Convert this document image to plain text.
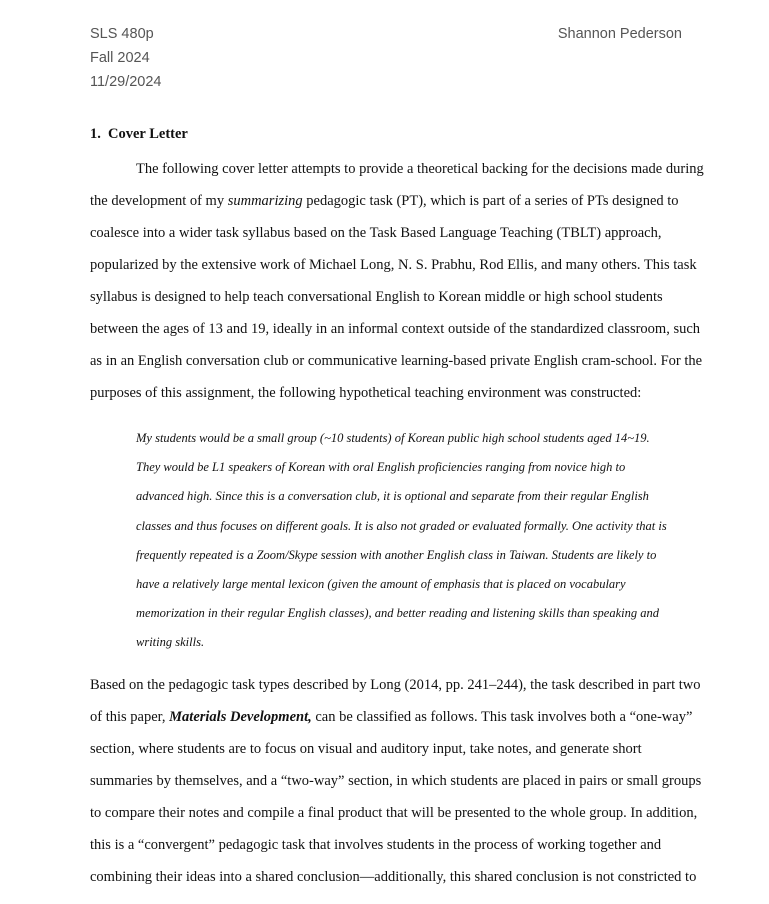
SLS 480p
Fall 2024
11/29/2024
Shannon Pederson
1. Cover Letter
The following cover letter attempts to provide a theoretical backing for the decisions made during
the development of my summarizing pedagogic task (PT), which is part of a series of PTs designed to
coalesce into a wider task syllabus based on the Task Based Language Teaching (TBLT) approach,
popularized by the extensive work of Michael Long, N. S. Prabhu, Rod Ellis, and many others. This task
syllabus is designed to help teach conversational English to Korean middle or high school students
between the ages of 13 and 19, ideally in an informal context outside of the standardized classroom, such
as in an English conversation club or communicative learning-based private English cram-school. For the
purposes of this assignment, the following hypothetical teaching environment was constructed:
My students would be a small group (~10 students) of Korean public high school students aged 14~19.
They would be L1 speakers of Korean with oral English proficiencies ranging from novice high to
advanced high. Since this is a conversation club, it is optional and separate from their regular English
classes and thus focuses on different goals. It is also not graded or evaluated formally. One activity that is
frequently repeated is a Zoom/Skype session with another English class in Taiwan. Students are likely to
have a relatively large mental lexicon (given the amount of emphasis that is placed on vocabulary
memorization in their regular English classes), and better reading and listening skills than speaking and
writing skills.
Based on the pedagogic task types described by Long (2014, pp. 241–244), the task described in part two
of this paper, Materials Development, can be classified as follows. This task involves both a “one-way”
section, where students are to focus on visual and auditory input, take notes, and generate short
summaries by themselves, and a “two-way” section, in which students are placed in pairs or small groups
to compare their notes and compile a final product that will be presented to the whole group. In addition,
this is a “convergent” pedagogic task that involves students in the process of working together and
combining their ideas into a shared conclusion—additionally, this shared conclusion is not constricted to
